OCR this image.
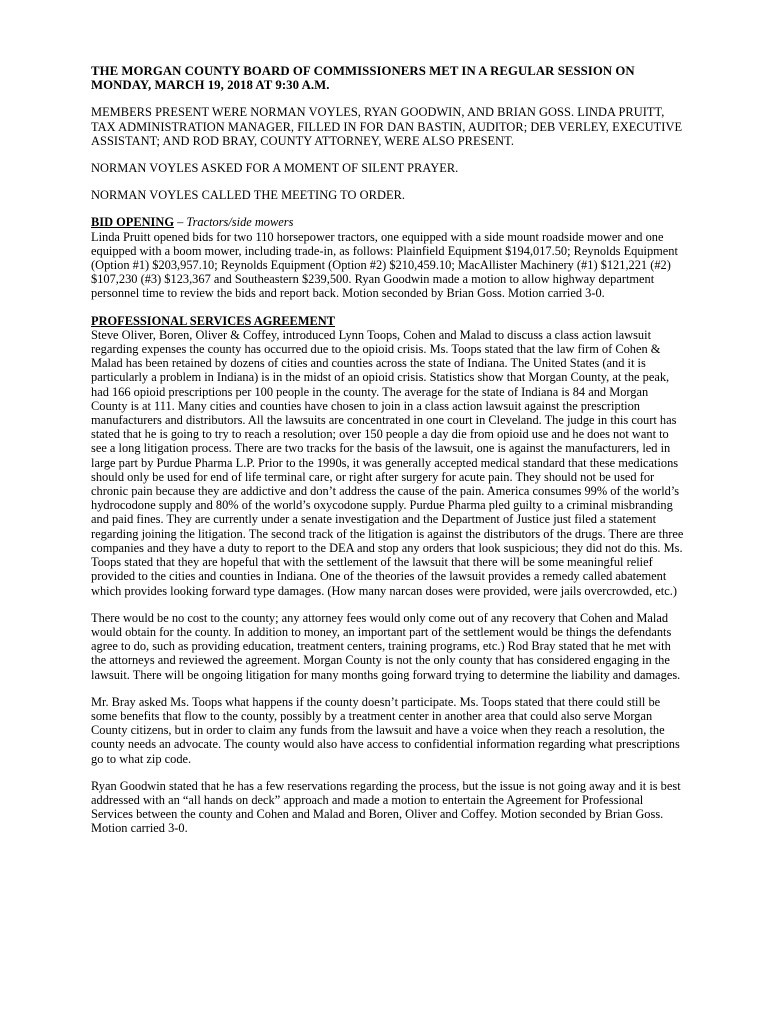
THE MORGAN COUNTY BOARD OF COMMISSIONERS MET IN A REGULAR SESSION ON MONDAY, MARCH 19, 2018 AT 9:30 A.M.

MEMBERS PRESENT WERE NORMAN VOYLES, RYAN GOODWIN, AND BRIAN GOSS. LINDA PRUITT, TAX ADMINISTRATION MANAGER, FILLED IN FOR DAN BASTIN, AUDITOR; DEB VERLEY, EXECUTIVE ASSISTANT; AND ROD BRAY, COUNTY ATTORNEY, WERE ALSO PRESENT.

NORMAN VOYLES ASKED FOR A MOMENT OF SILENT PRAYER.

NORMAN VOYLES CALLED THE MEETING TO ORDER.

BID OPENING – Tractors/side mowers

Linda Pruitt opened bids for two 110 horsepower tractors, one equipped with a side mount roadside mower and one equipped with a boom mower, including trade-in, as follows: Plainfield Equipment $194,017.50; Reynolds Equipment (Option #1) $203,957.10; Reynolds Equipment (Option #2) $210,459.10; MacAllister Machinery (#1) $121,221 (#2) $107,230 (#3) $123,367 and Southeastern $239,500. Ryan Goodwin made a motion to allow highway department personnel time to review the bids and report back. Motion seconded by Brian Goss. Motion carried 3-0.

PROFESSIONAL SERVICES AGREEMENT

Steve Oliver, Boren, Oliver & Coffey, introduced Lynn Toops, Cohen and Malad to discuss a class action lawsuit regarding expenses the county has occurred due to the opioid crisis. Ms. Toops stated that the law firm of Cohen & Malad has been retained by dozens of cities and counties across the state of Indiana. The United States (and it is particularly a problem in Indiana) is in the midst of an opioid crisis. Statistics show that Morgan County, at the peak, had 166 opioid prescriptions per 100 people in the county. The average for the state of Indiana is 84 and Morgan County is at 111. Many cities and counties have chosen to join in a class action lawsuit against the prescription manufacturers and distributors. All the lawsuits are concentrated in one court in Cleveland. The judge in this court has stated that he is going to try to reach a resolution; over 150 people a day die from opioid use and he does not want to see a long litigation process. There are two tracks for the basis of the lawsuit, one is against the manufacturers, led in large part by Purdue Pharma L.P. Prior to the 1990s, it was generally accepted medical standard that these medications should only be used for end of life terminal care, or right after surgery for acute pain. They should not be used for chronic pain because they are addictive and don’t address the cause of the pain. America consumes 99% of the world’s hydrocodone supply and 80% of the world’s oxycodone supply. Purdue Pharma pled guilty to a criminal misbranding and paid fines. They are currently under a senate investigation and the Department of Justice just filed a statement regarding joining the litigation. The second track of the litigation is against the distributors of the drugs. There are three companies and they have a duty to report to the DEA and stop any orders that look suspicious; they did not do this. Ms. Toops stated that they are hopeful that with the settlement of the lawsuit that there will be some meaningful relief provided to the cities and counties in Indiana. One of the theories of the lawsuit provides a remedy called abatement which provides looking forward type damages. (How many narcan doses were provided, were jails overcrowded, etc.)

There would be no cost to the county; any attorney fees would only come out of any recovery that Cohen and Malad would obtain for the county. In addition to money, an important part of the settlement would be things the defendants agree to do, such as providing education, treatment centers, training programs, etc.) Rod Bray stated that he met with the attorneys and reviewed the agreement. Morgan County is not the only county that has considered engaging in the lawsuit. There will be ongoing litigation for many months going forward trying to determine the liability and damages.

Mr. Bray asked Ms. Toops what happens if the county doesn’t participate. Ms. Toops stated that there could still be some benefits that flow to the county, possibly by a treatment center in another area that could also serve Morgan County citizens, but in order to claim any funds from the lawsuit and have a voice when they reach a resolution, the county needs an advocate. The county would also have access to confidential information regarding what prescriptions go to what zip code.

Ryan Goodwin stated that he has a few reservations regarding the process, but the issue is not going away and it is best addressed with an “all hands on deck” approach and made a motion to entertain the Agreement for Professional Services between the county and Cohen and Malad and Boren, Oliver and Coffey. Motion seconded by Brian Goss. Motion carried 3-0.
